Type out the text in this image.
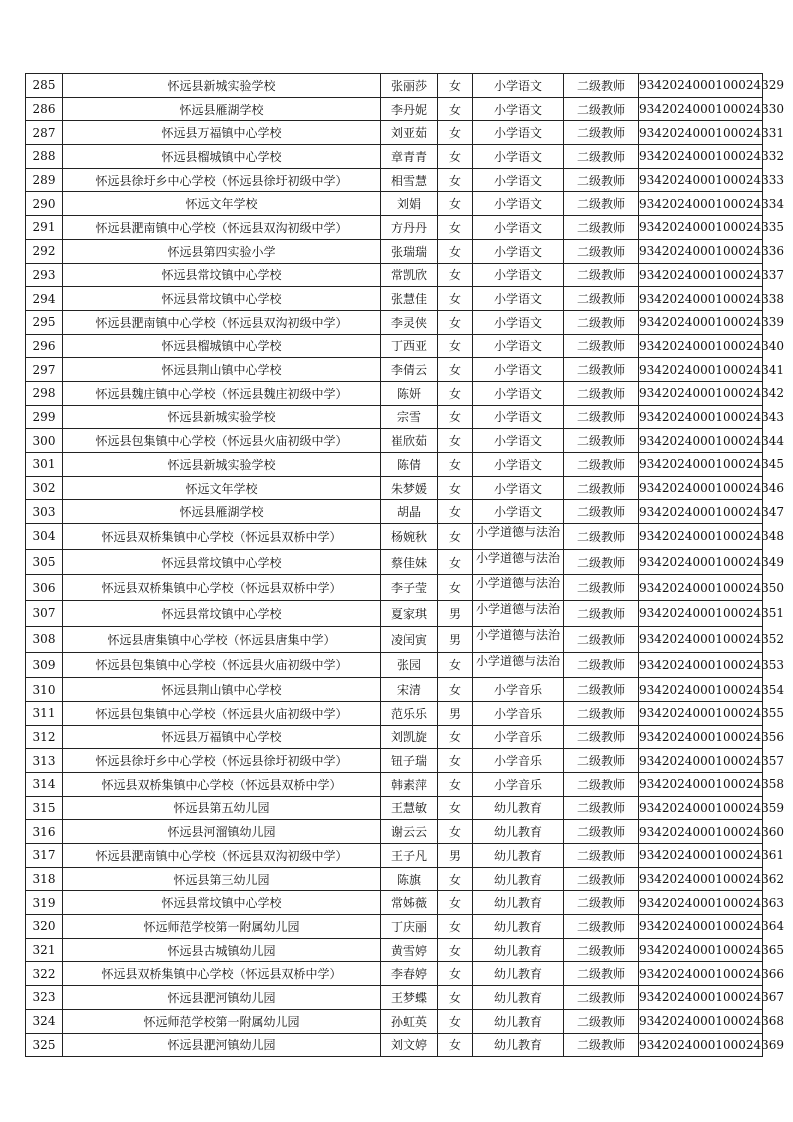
285	怀远县新城实验学校	张丽莎	女	小学语文	二级教师	9342024000100024329
286	怀远县雁湖学校	李丹妮	女	小学语文	二级教师	9342024000100024330
287	怀远县万福镇中心学校	刘亚茹	女	小学语文	二级教师	9342024000100024331
288	怀远县榴城镇中心学校	章青青	女	小学语文	二级教师	9342024000100024332
289	怀远县徐圩乡中心学校（怀远县徐圩初级中学）	相雪慧	女	小学语文	二级教师	9342024000100024333
290	怀远文年学校	刘娟	女	小学语文	二级教师	9342024000100024334
291	怀远县淝南镇中心学校（怀远县双沟初级中学）	方丹丹	女	小学语文	二级教师	9342024000100024335
292	怀远县第四实验小学	张瑞瑞	女	小学语文	二级教师	9342024000100024336
293	怀远县常坟镇中心学校	常凯欣	女	小学语文	二级教师	9342024000100024337
294	怀远县常坟镇中心学校	张慧佳	女	小学语文	二级教师	9342024000100024338
295	怀远县淝南镇中心学校（怀远县双沟初级中学）	李灵侠	女	小学语文	二级教师	9342024000100024339
296	怀远县榴城镇中心学校	丁西亚	女	小学语文	二级教师	9342024000100024340
297	怀远县荆山镇中心学校	李倩云	女	小学语文	二级教师	9342024000100024341
298	怀远县魏庄镇中心学校（怀远县魏庄初级中学）	陈妍	女	小学语文	二级教师	9342024000100024342
299	怀远县新城实验学校	宗雪	女	小学语文	二级教师	9342024000100024343
300	怀远县包集镇中心学校（怀远县火庙初级中学）	崔欣茹	女	小学语文	二级教师	9342024000100024344
301	怀远县新城实验学校	陈倩	女	小学语文	二级教师	9342024000100024345
302	怀远文年学校	朱梦媛	女	小学语文	二级教师	9342024000100024346
303	怀远县雁湖学校	胡晶	女	小学语文	二级教师	9342024000100024347
304	怀远县双桥集镇中心学校（怀远县双桥中学）	杨婉秋	女	小学道德与法治	二级教师	9342024000100024348
305	怀远县常坟镇中心学校	蔡佳妹	女	小学道德与法治	二级教师	9342024000100024349
306	怀远县双桥集镇中心学校（怀远县双桥中学）	李子莹	女	小学道德与法治	二级教师	9342024000100024350
307	怀远县常坟镇中心学校	夏家琪	男	小学道德与法治	二级教师	9342024000100024351
308	怀远县唐集镇中心学校（怀远县唐集中学）	凌闰寅	男	小学道德与法治	二级教师	9342024000100024352
309	怀远县包集镇中心学校（怀远县火庙初级中学）	张园	女	小学道德与法治	二级教师	9342024000100024353
310	怀远县荆山镇中心学校	宋清	女	小学音乐	二级教师	9342024000100024354
311	怀远县包集镇中心学校（怀远县火庙初级中学）	范乐乐	男	小学音乐	二级教师	9342024000100024355
312	怀远县万福镇中心学校	刘凯旋	女	小学音乐	二级教师	9342024000100024356
313	怀远县徐圩乡中心学校（怀远县徐圩初级中学）	钮子瑞	女	小学音乐	二级教师	9342024000100024357
314	怀远县双桥集镇中心学校（怀远县双桥中学）	韩素萍	女	小学音乐	二级教师	9342024000100024358
315	怀远县第五幼儿园	王慧敏	女	幼儿教育	二级教师	9342024000100024359
316	怀远县河溜镇幼儿园	谢云云	女	幼儿教育	二级教师	9342024000100024360
317	怀远县淝南镇中心学校（怀远县双沟初级中学）	王子凡	男	幼儿教育	二级教师	9342024000100024361
318	怀远县第三幼儿园	陈旗	女	幼儿教育	二级教师	9342024000100024362
319	怀远县常坟镇中心学校	常姊薇	女	幼儿教育	二级教师	9342024000100024363
320	怀远师范学校第一附属幼儿园	丁庆丽	女	幼儿教育	二级教师	9342024000100024364
321	怀远县古城镇幼儿园	黄雪婷	女	幼儿教育	二级教师	9342024000100024365
322	怀远县双桥集镇中心学校（怀远县双桥中学）	李春婷	女	幼儿教育	二级教师	9342024000100024366
323	怀远县淝河镇幼儿园	王梦蝶	女	幼儿教育	二级教师	9342024000100024367
324	怀远师范学校第一附属幼儿园	孙虹英	女	幼儿教育	二级教师	9342024000100024368
325	怀远县淝河镇幼儿园	刘文婷	女	幼儿教育	二级教师	9342024000100024369
